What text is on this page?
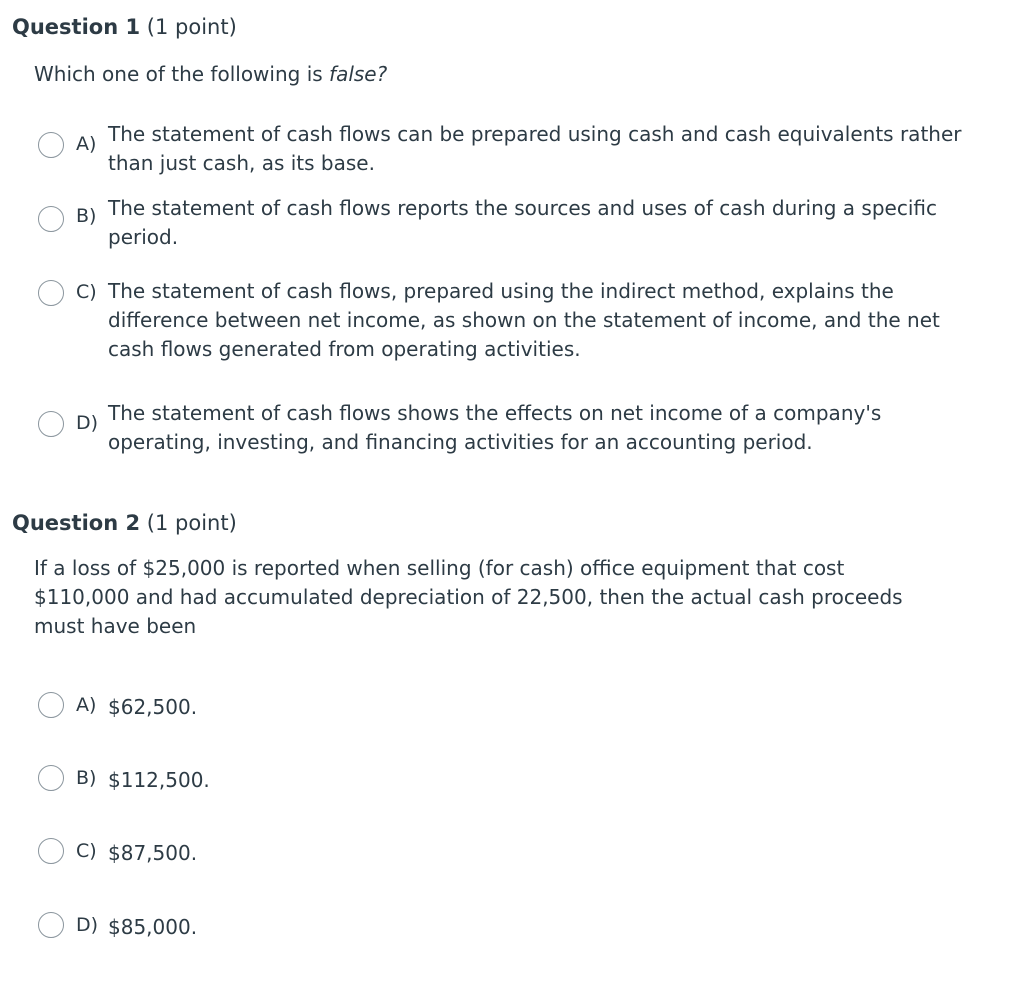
Question 1 (1 point)
Which one of the following is false?
A) The statement of cash flows can be prepared using cash and cash equivalents rather than just cash, as its base.
B) The statement of cash flows reports the sources and uses of cash during a specific period.
C) The statement of cash flows, prepared using the indirect method, explains the difference between net income, as shown on the statement of income, and the net cash flows generated from operating activities.
D) The statement of cash flows shows the effects on net income of a company's operating, investing, and financing activities for an accounting period.
Question 2 (1 point)
If a loss of $25,000 is reported when selling (for cash) office equipment that cost $110,000 and had accumulated depreciation of 22,500, then the actual cash proceeds must have been
A) $62,500.
B) $112,500.
C) $87,500.
D) $85,000.
